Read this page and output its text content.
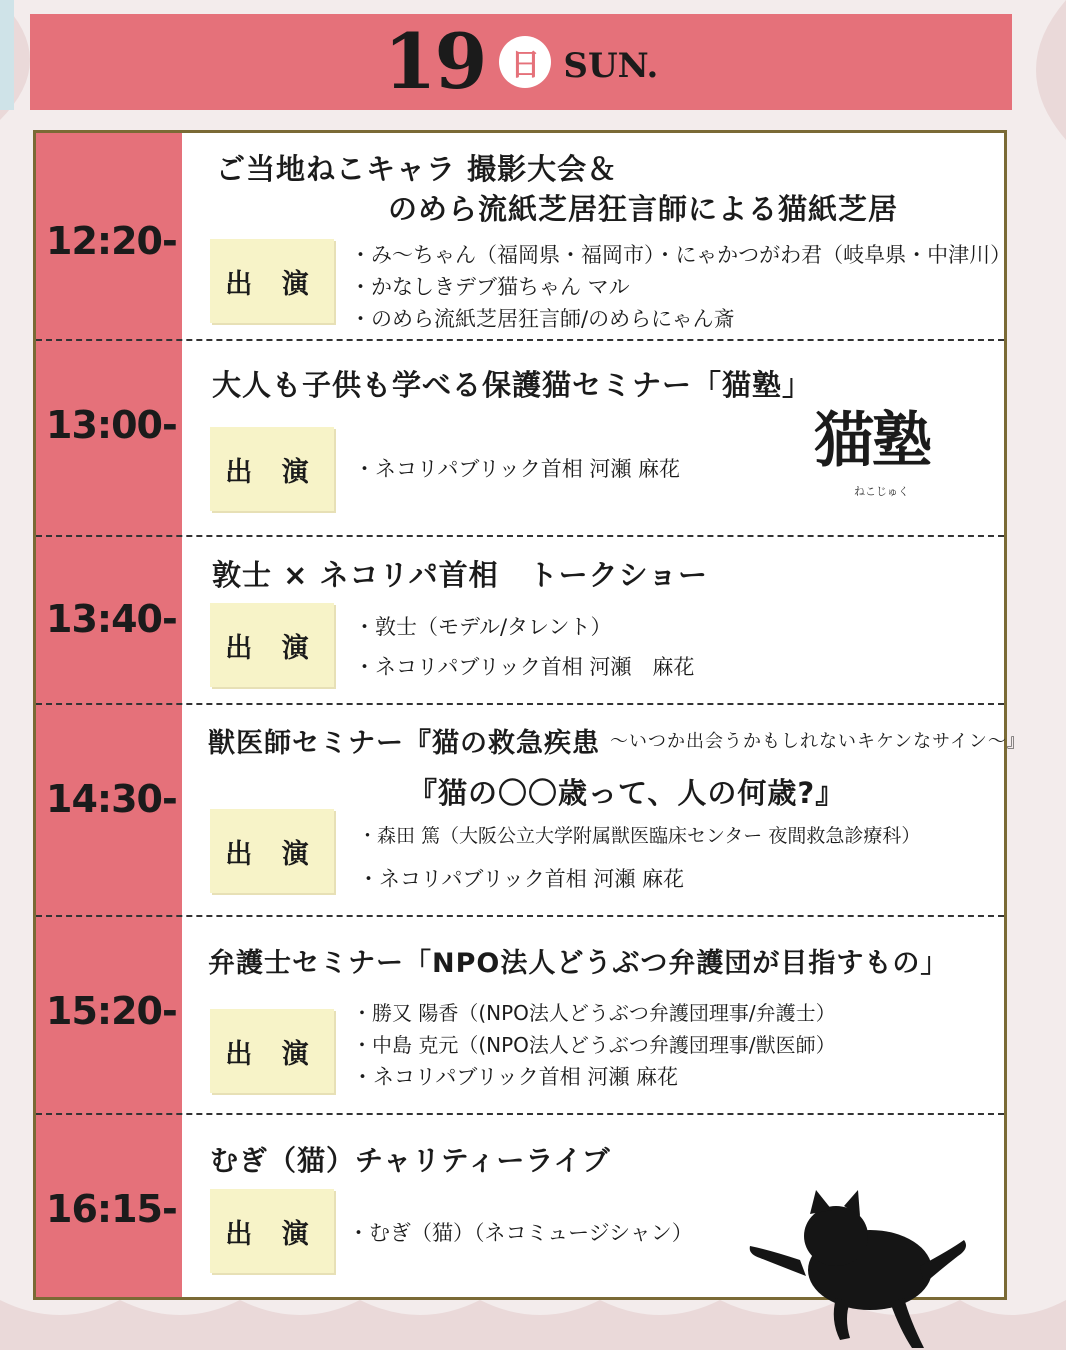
19 日 SUN.
12:20-
ご当地ねこキャラ 撮影大会＆
のめら流紙芝居狂言師による猫紙芝居
出 演
・み～ちゃん（福岡県・福岡市）・にゃかつがわ君（岐阜県・中津川）
・かなしきデブ猫ちゃん マル
・のめら流紙芝居狂言師/のめらにゃん斎
13:00-
大人も子供も学べる保護猫セミナー「猫塾」
出 演	・ネコリパブリック首相 河瀬 麻花
13:40-
敦士 × ネコリパ首相　トークショー
出 演
・敦士（モデル/タレント）
・ネコリパブリック首相 河瀬　麻花
14:30-
獣医師セミナー『猫の救急疾患 ～いつか出会うかもしれないキケンなサイン～』
『猫の〇〇歳って、人の何歳?』
出 演
・森田 篤（大阪公立大学附属獣医臨床センター 夜間救急診療科）
・ネコリパブリック首相 河瀬 麻花
15:20-
弁護士セミナー「NPO法人どうぶつ弁護団が目指すもの」
出 演
・勝又 陽香（(NPO法人どうぶつ弁護団理事/弁護士）
・中島 克元（(NPO法人どうぶつ弁護団理事/獣医師）
・ネコリパブリック首相 河瀬 麻花
16:15-
むぎ（猫）チャリティーライブ
出 演	・むぎ（猫）（ネコミュージシャン）
猫塾
ねこじゅく
